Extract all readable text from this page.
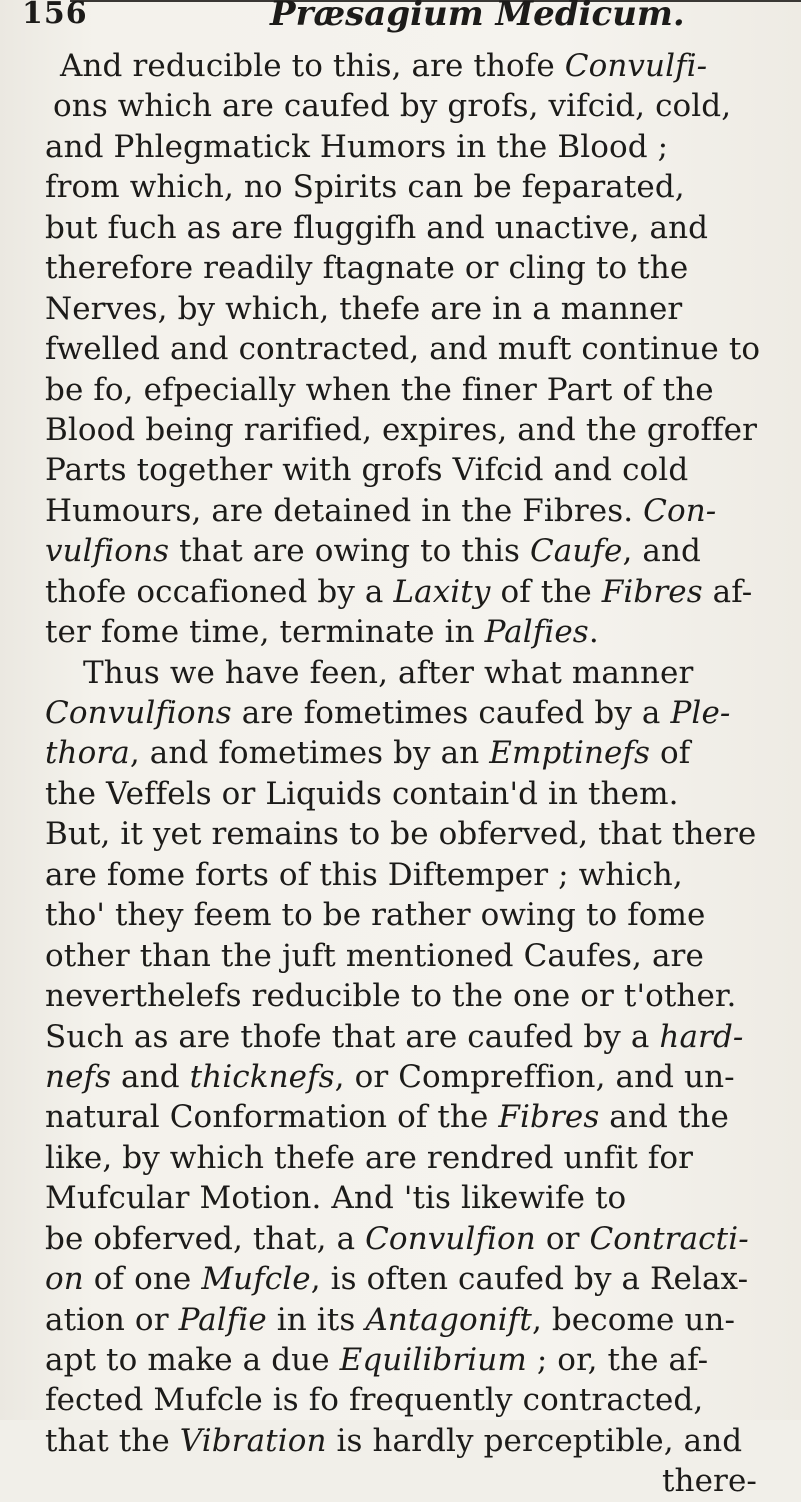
156	Præsagium Medicum.
And reducible to this, are thofe Convulfi-
ons which are caufed by grofs, vifcid, cold,
and Phlegmatick Humors in the Blood ;
from which, no Spirits can be feparated,
but fuch as are fluggifh and unactive, and
therefore readily ftagnate or cling to the
Nerves, by which, thefe are in a manner
fwelled and contracted, and muft continue to
be fo, efpecially when the finer Part of the
Blood being rarified, expires, and the groffer
Parts together with grofs Vifcid and cold
Humours, are detained in the Fibres. Con-
vulfions that are owing to this Caufe, and
thofe occafioned by a Laxity of the Fibres af-
ter fome time, terminate in Palfies.
Thus we have feen, after what manner
Convulfions are fometimes caufed by a Ple-
thora, and fometimes by an Emptinefs of
the Veffels or Liquids contain'd in them.
But, it yet remains to be obferved, that there
are fome forts of this Diftemper ; which,
tho' they feem to be rather owing to fome
other than the juft mentioned Caufes, are
neverthelefs reducible to the one or t'other.
Such as are thofe that are caufed by a hard-
nefs and thicknefs, or Compreffion, and un-
natural Conformation of the Fibres and the
like, by which thefe are rendred unfit for
Mufcular Motion. And 'tis likewife to
be obferved, that, a Convulfion or Contracti-
on of one Mufcle, is often caufed by a Relax-
ation or Palfie in its Antagonift, become un-
apt to make a due Equilibrium ; or, the af-
fected Mufcle is fo frequently contracted,
that the Vibration is hardly perceptible, and
there-
